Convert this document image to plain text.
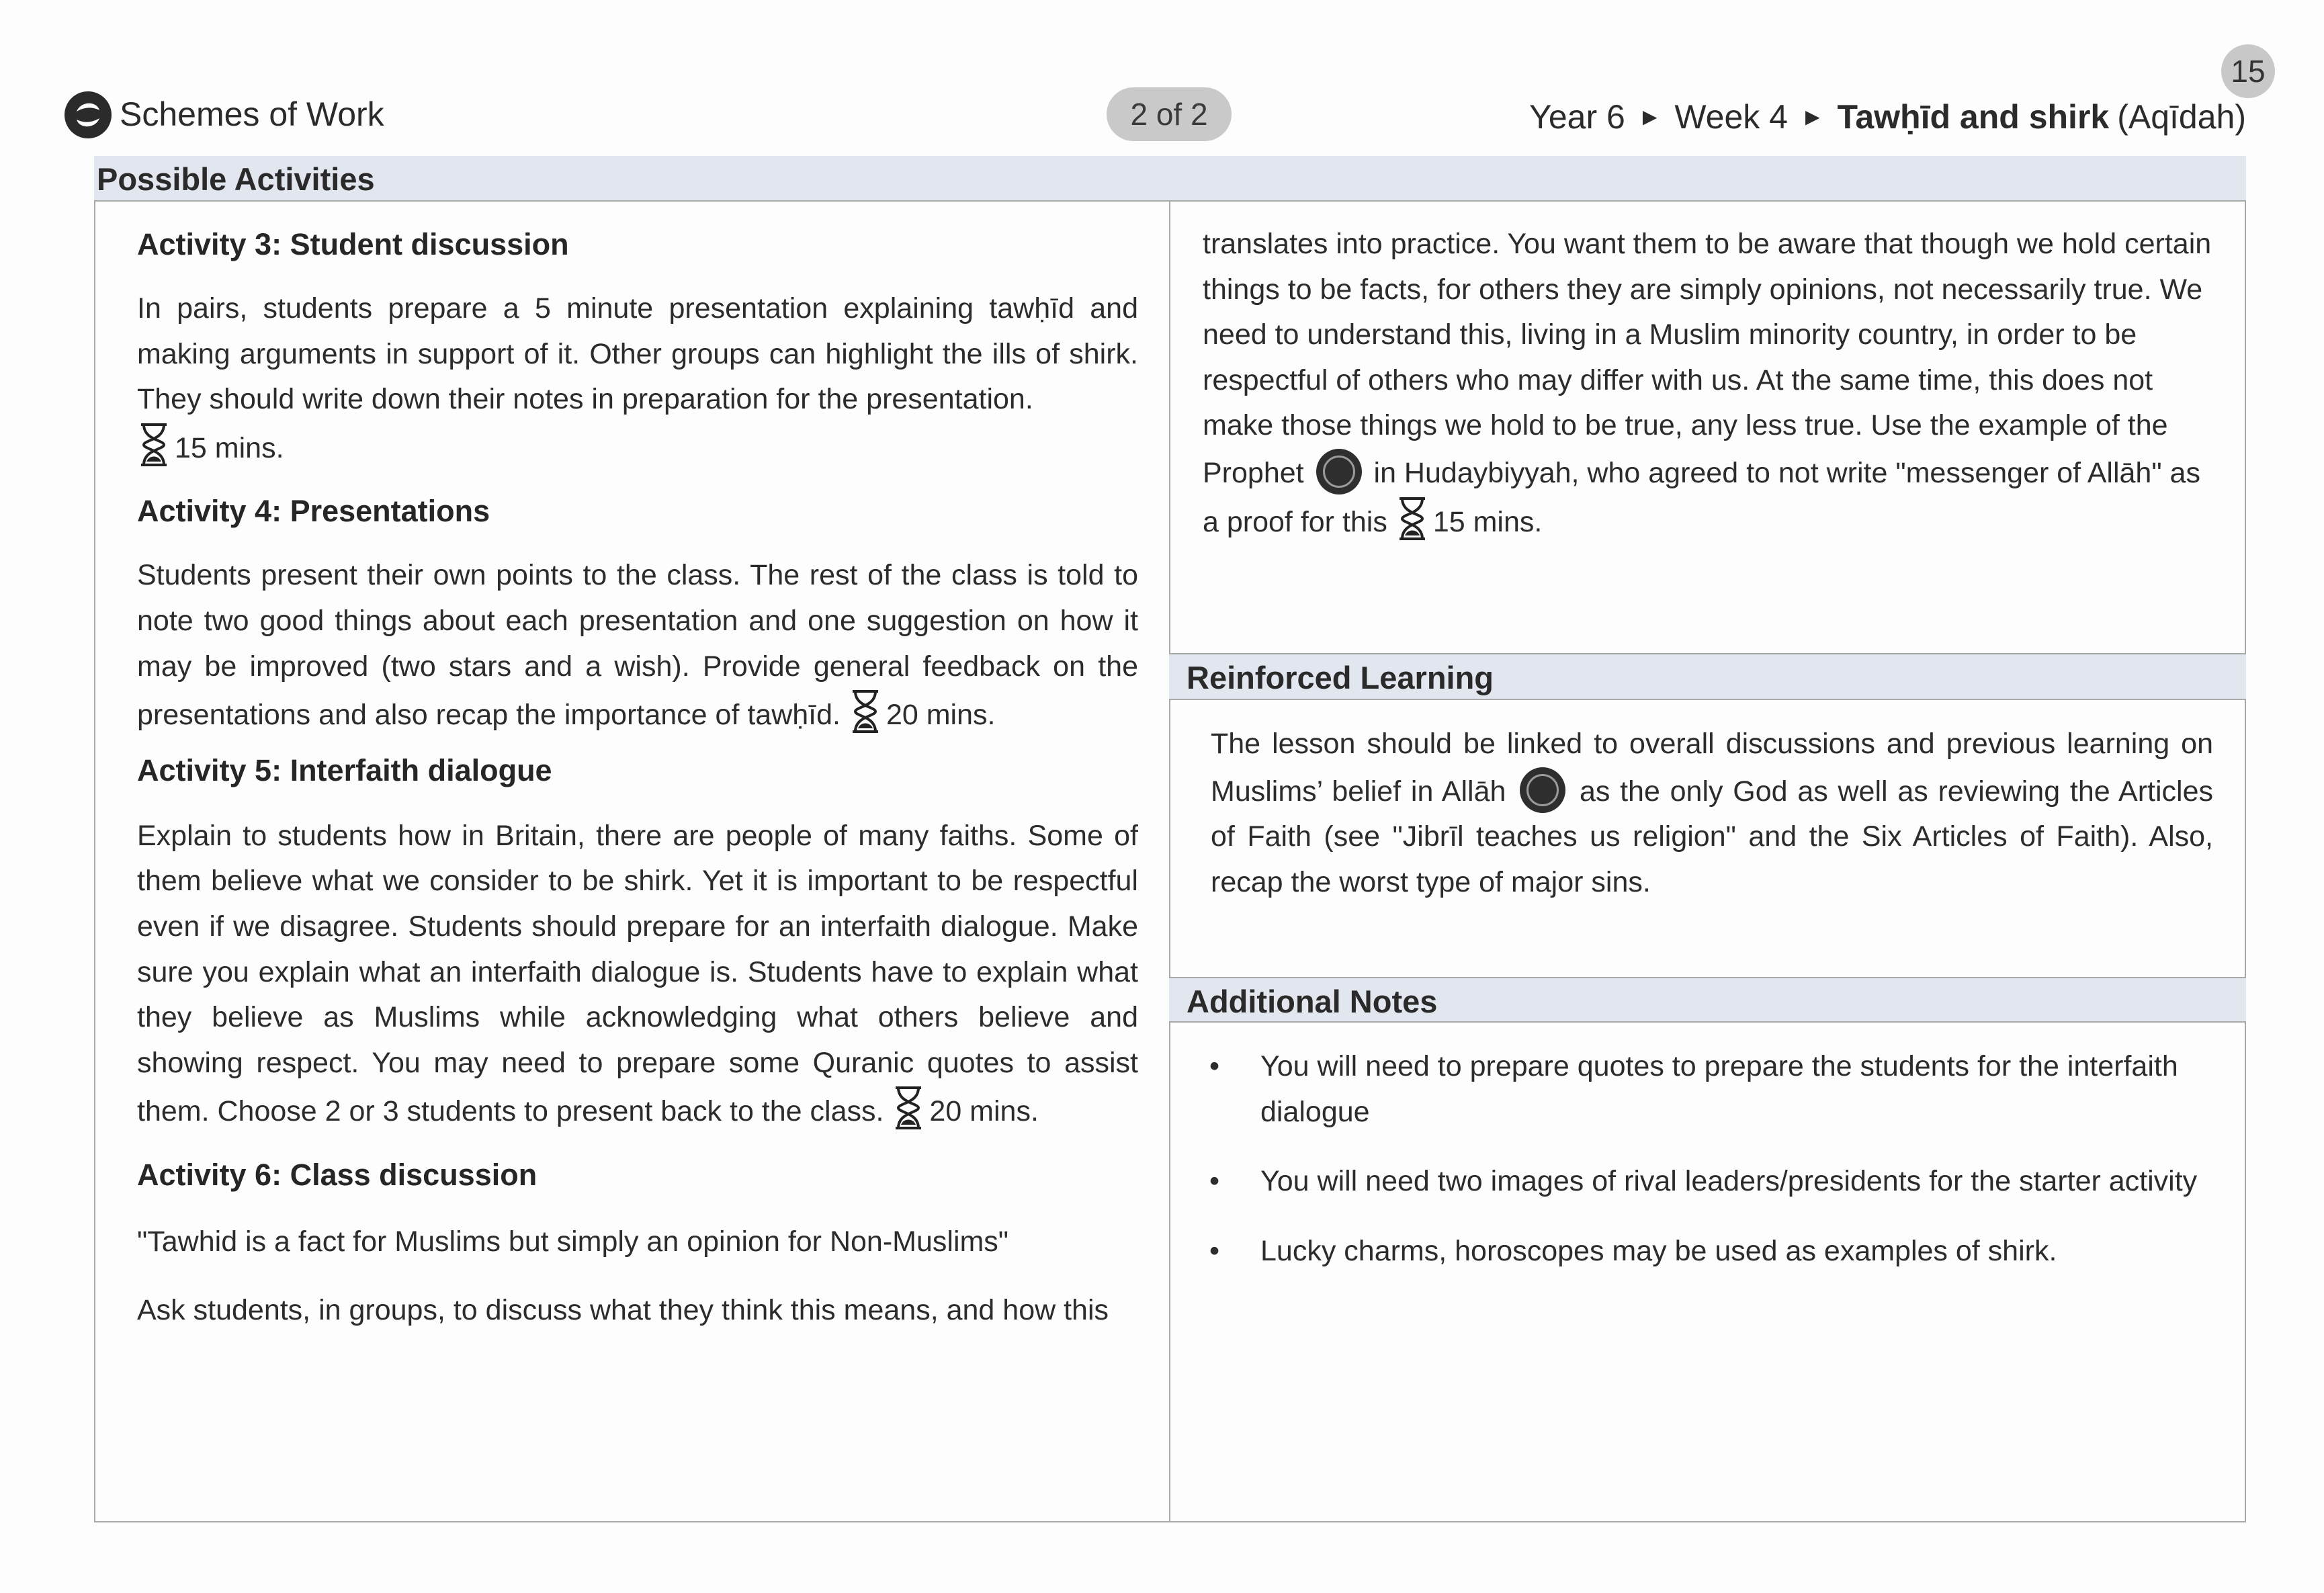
Schemes of Work	2 of 2
15
Year 6 ▶ Week 4 ▶ Tawḥīd and shirk (Aqīdah)
Possible Activities
Reinforced Learning
Additional Notes

Activity 3: Student discussion

In pairs, students prepare a 5 minute presentation explaining tawḥīd and making arguments in support of it. Other groups can highlight the ills of shirk. They should write down their notes in preparation for the presentation.
15 mins.

Activity 4: Presentations

Students present their own points to the class. The rest of the class is told to note two good things about each presentation and one suggestion on how it may be improved (two stars and a wish). Provide general feedback on the presentations and also recap the importance of tawḥīd. 20 mins.

Activity 5: Interfaith dialogue

Explain to students how in Britain, there are people of many faiths. Some of them believe what we consider to be shirk. Yet it is important to be respectful even if we disagree. Students should prepare for an interfaith dialogue. Make sure you explain what an interfaith dialogue is. Students have to explain what they believe as Muslims while acknowledging what others believe and showing respect. You may need to prepare some Quranic quotes to assist them. Choose 2 or 3 students to present back to the class. 20 mins.

Activity 6: Class discussion

"Tawhid is a fact for Muslims but simply an opinion for Non-Muslims"

Ask students, in groups, to discuss what they think this means, and how this

translates into practice. You want them to be aware that though we hold certain things to be facts, for others they are simply opinions, not necessarily true. We need to understand this, living in a Muslim minority country, in order to be respectful of others who may differ with us. At the same time, this does not make those things we hold to be true, any less true. Use the example of the Prophet in Hudaybiyyah, who agreed to not write "messenger of Allāh" as a proof for this 15 mins.

The lesson should be linked to overall discussions and previous learning on Muslims’ belief in Allāh	as the only God as well as reviewing the Articles of Faith (see "Jibrīl teaches us religion" and the Six Articles of Faith). Also, recap the worst type of major sins.
• You will need to prepare quotes to prepare the students for the interfaith dialogue
• You will need two images of rival leaders/presidents for the starter activity
• Lucky charms, horoscopes may be used as examples of shirk.
